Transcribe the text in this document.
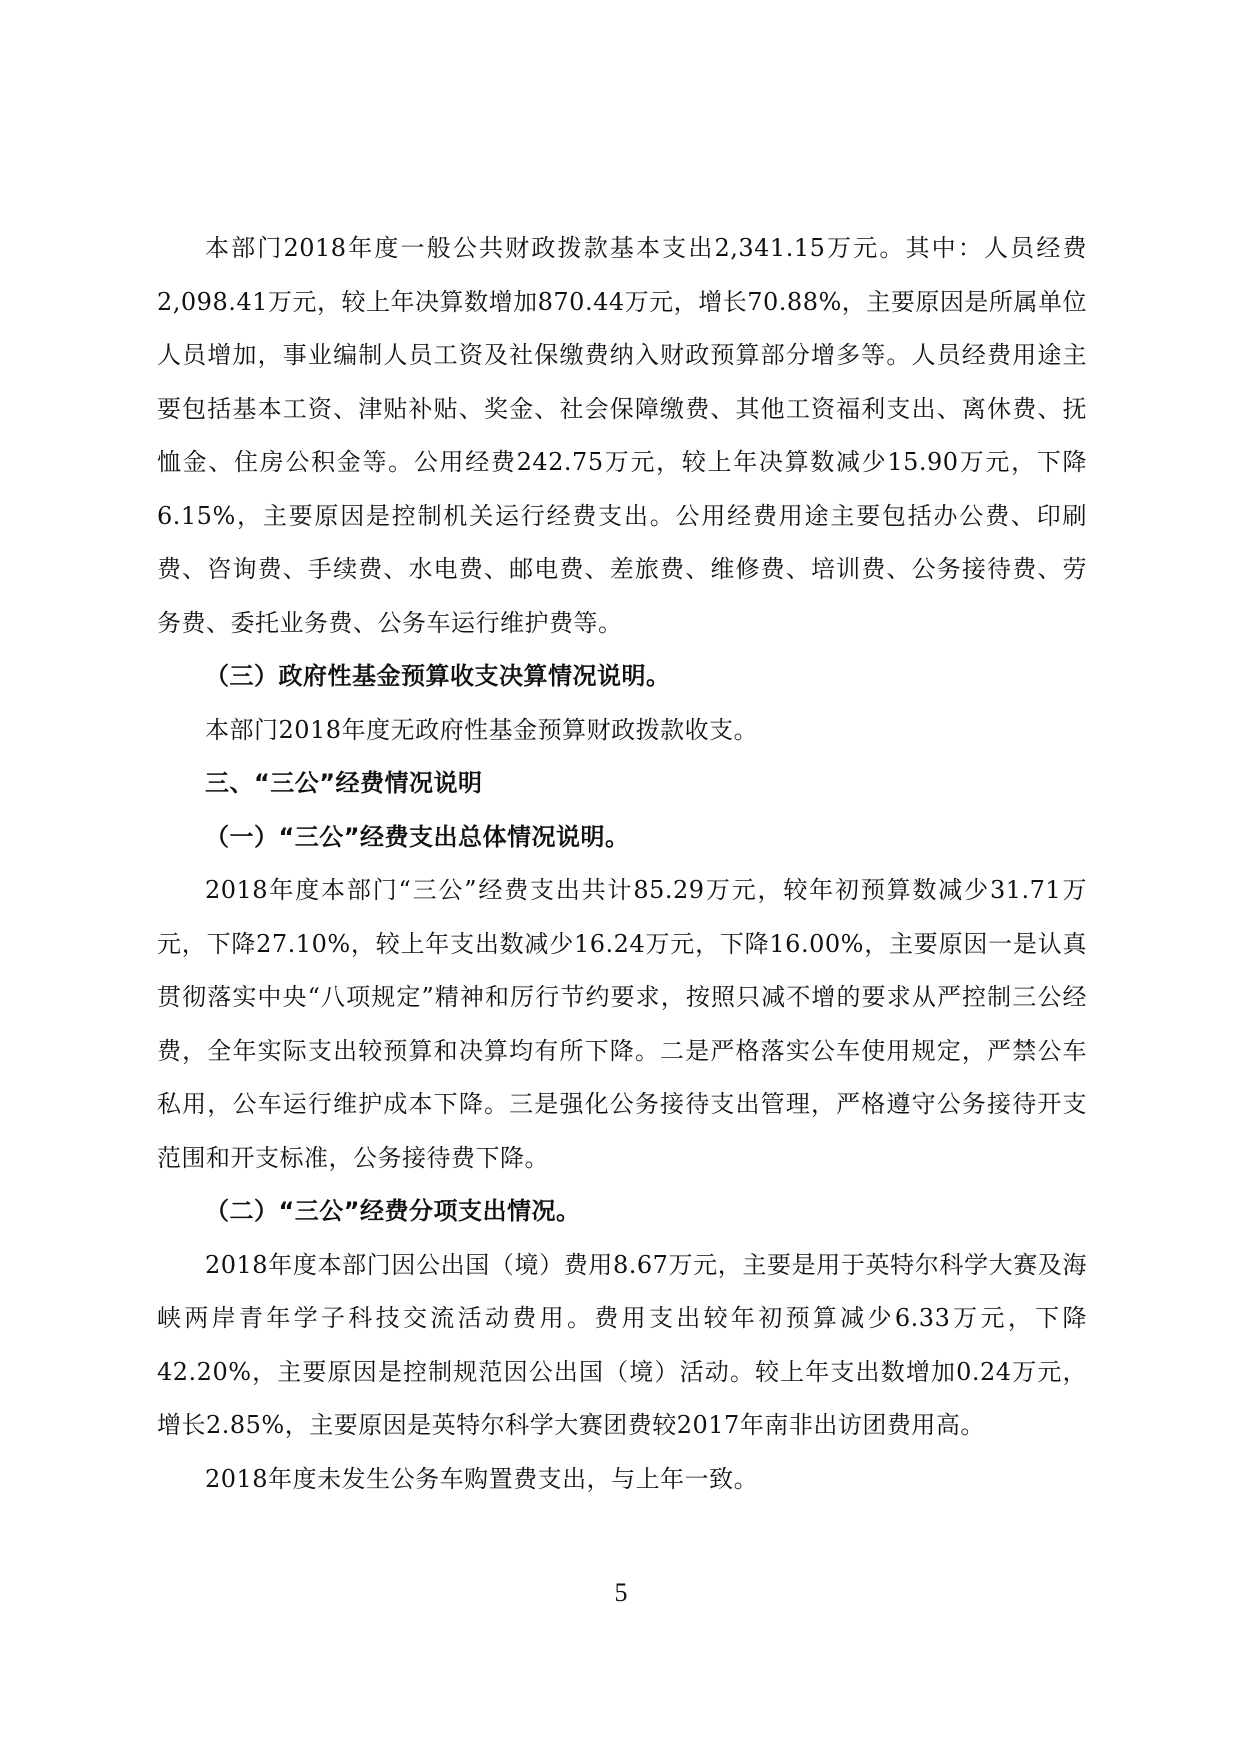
本部门2018年度一般公共财政拨款基本支出2,341.15万元。其中：人员经费2,098.41万元，较上年决算数增加870.44万元，增长70.88%，主要原因是所属单位人员增加，事业编制人员工资及社保缴费纳入财政预算部分增多等。人员经费用途主要包括基本工资、津贴补贴、奖金、社会保障缴费、其他工资福利支出、离休费、抚恤金、住房公积金等。公用经费242.75万元，较上年决算数减少15.90万元，下降6.15%，主要原因是控制机关运行经费支出。公用经费用途主要包括办公费、印刷费、咨询费、手续费、水电费、邮电费、差旅费、维修费、培训费、公务接待费、劳务费、委托业务费、公务车运行维护费等。

（三）政府性基金预算收支决算情况说明。

本部门2018年度无政府性基金预算财政拨款收支。

三、“三公”经费情况说明

（一）“三公”经费支出总体情况说明。

2018年度本部门“三公”经费支出共计85.29万元，较年初预算数减少31.71万元，下降27.10%，较上年支出数减少16.24万元，下降16.00%，主要原因一是认真贯彻落实中央“八项规定”精神和厉行节约要求，按照只减不增的要求从严控制三公经费，全年实际支出较预算和决算均有所下降。二是严格落实公车使用规定，严禁公车私用，公车运行维护成本下降。三是强化公务接待支出管理，严格遵守公务接待开支范围和开支标准，公务接待费下降。

（二）“三公”经费分项支出情况。

2018年度本部门因公出国（境）费用8.67万元，主要是用于英特尔科学大赛及海峡两岸青年学子科技交流活动费用。费用支出较年初预算减少6.33万元，下降42.20%，主要原因是控制规范因公出国（境）活动。较上年支出数增加0.24万元，增长2.85%，主要原因是英特尔科学大赛团费较2017年南非出访团费用高。

2018年度未发生公务车购置费支出，与上年一致。

5
